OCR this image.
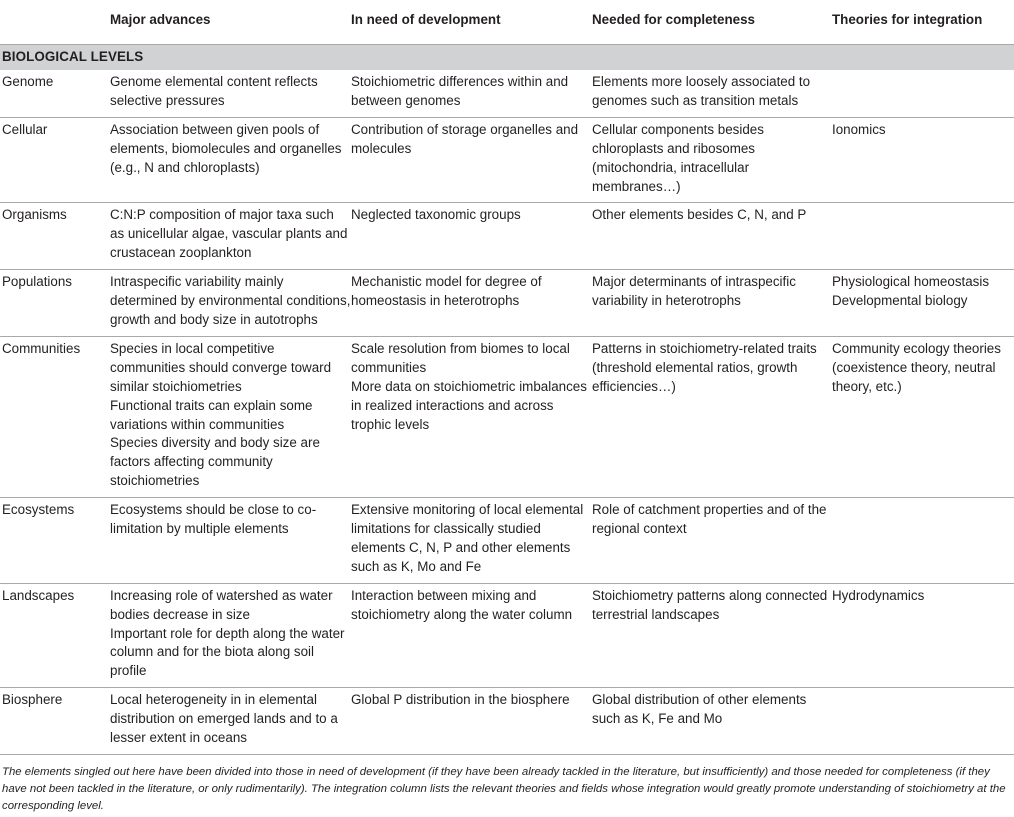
	Major advances	In need of development	Needed for completeness	Theories for integration
BIOLOGICAL LEVELS				
Genome	Genome elemental content reflects selective pressures	Stoichiometric differences within and between genomes	Elements more loosely associated to genomes such as transition metals	

Cellular	Association between given pools of elements, biomolecules and organelles (e.g., N and chloroplasts)	Contribution of storage organelles and molecules	Cellular components besides chloroplasts and ribosomes (mitochondria, intracellular membranes…)	Ionomics

Organisms	C:N:P composition of major taxa such as unicellular algae, vascular plants and crustacean zooplankton	Neglected taxonomic groups	Other elements besides C, N, and P	

Populations	Intraspecific variability mainly determined by environmental conditions, growth and body size in autotrophs	Mechanistic model for degree of homeostasis in heterotrophs	Major determinants of intraspecific variability in heterotrophs	Physiological homeostasis
Developmental biology

Communities	Species in local competitive communities should converge toward similar stoichiometries
Functional traits can explain some variations within communities
Species diversity and body size are factors affecting community stoichiometries	Scale resolution from biomes to local communities
More data on stoichiometric imbalances in realized interactions and across trophic levels	Patterns in stoichiometry-related traits (threshold elemental ratios, growth efficiencies…)	Community ecology theories (coexistence theory, neutral theory, etc.)

Ecosystems	Ecosystems should be close to co-limitation by multiple elements	Extensive monitoring of local elemental limitations for classically studied elements C, N, P and other elements such as K, Mo and Fe	Role of catchment properties and of the regional context	

Landscapes	Increasing role of watershed as water bodies decrease in size
Important role for depth along the water column and for the biota along soil profile	Interaction between mixing and stoichiometry along the water column	Stoichiometry patterns along connected terrestrial landscapes	Hydrodynamics

Biosphere	Local heterogeneity in in elemental distribution on emerged lands and to a lesser extent in oceans	Global P distribution in the biosphere	Global distribution of other elements such as K, Fe and Mo	

The elements singled out here have been divided into those in need of development (if they have been already tackled in the literature, but insufficiently) and those needed for completeness (if they have not been tackled in the literature, or only rudimentarily). The integration column lists the relevant theories and fields whose integration would greatly promote understanding of stoichiometry at the corresponding level.
